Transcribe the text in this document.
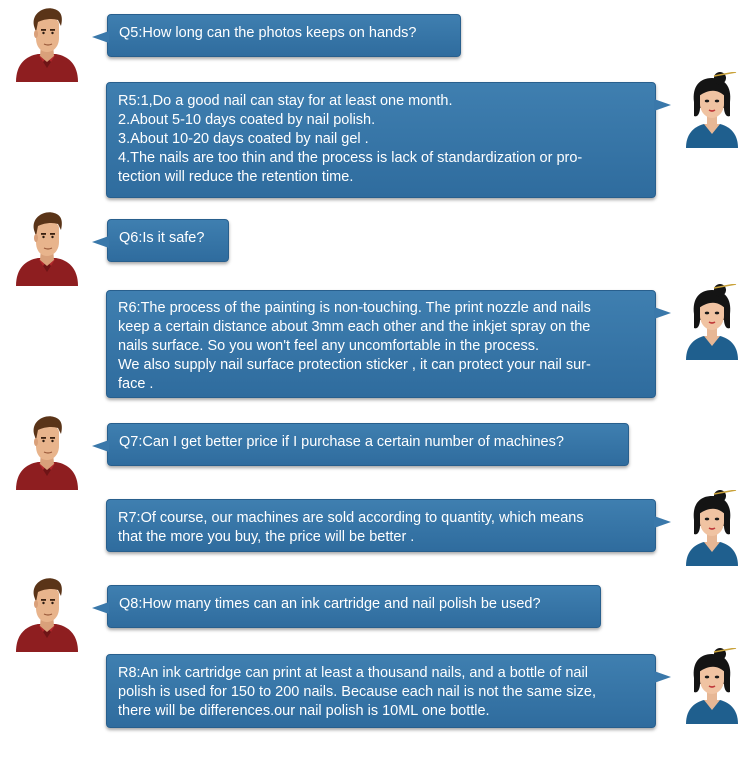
Q5:How long can the photos keeps on hands?
R5:1,Do a good nail can stay for at least one month.
2.About 5-10 days coated by nail polish.
3.About 10-20 days coated by nail gel .
4.The nails are too thin and the process is lack of standardization or pro-
tection will reduce the retention time.
Q6:Is it safe?
R6:The process of the painting is non-touching. The print nozzle and nails
keep a certain distance about 3mm each other and the inkjet spray on the
nails surface. So you won't feel any uncomfortable in the process.
We also supply nail surface protection sticker , it can protect your nail sur-
face .
Q7:Can I get better price if I purchase a certain number of machines?
R7:Of course, our machines are sold according to quantity, which means
that the more you buy, the price will be better .
Q8:How many times can an ink cartridge and nail polish be used?
R8:An ink cartridge can print at least a thousand nails, and a bottle of nail
polish is used for 150 to 200 nails. Because each nail is not the same size,
there will be differences.our nail polish is 10ML one bottle.
